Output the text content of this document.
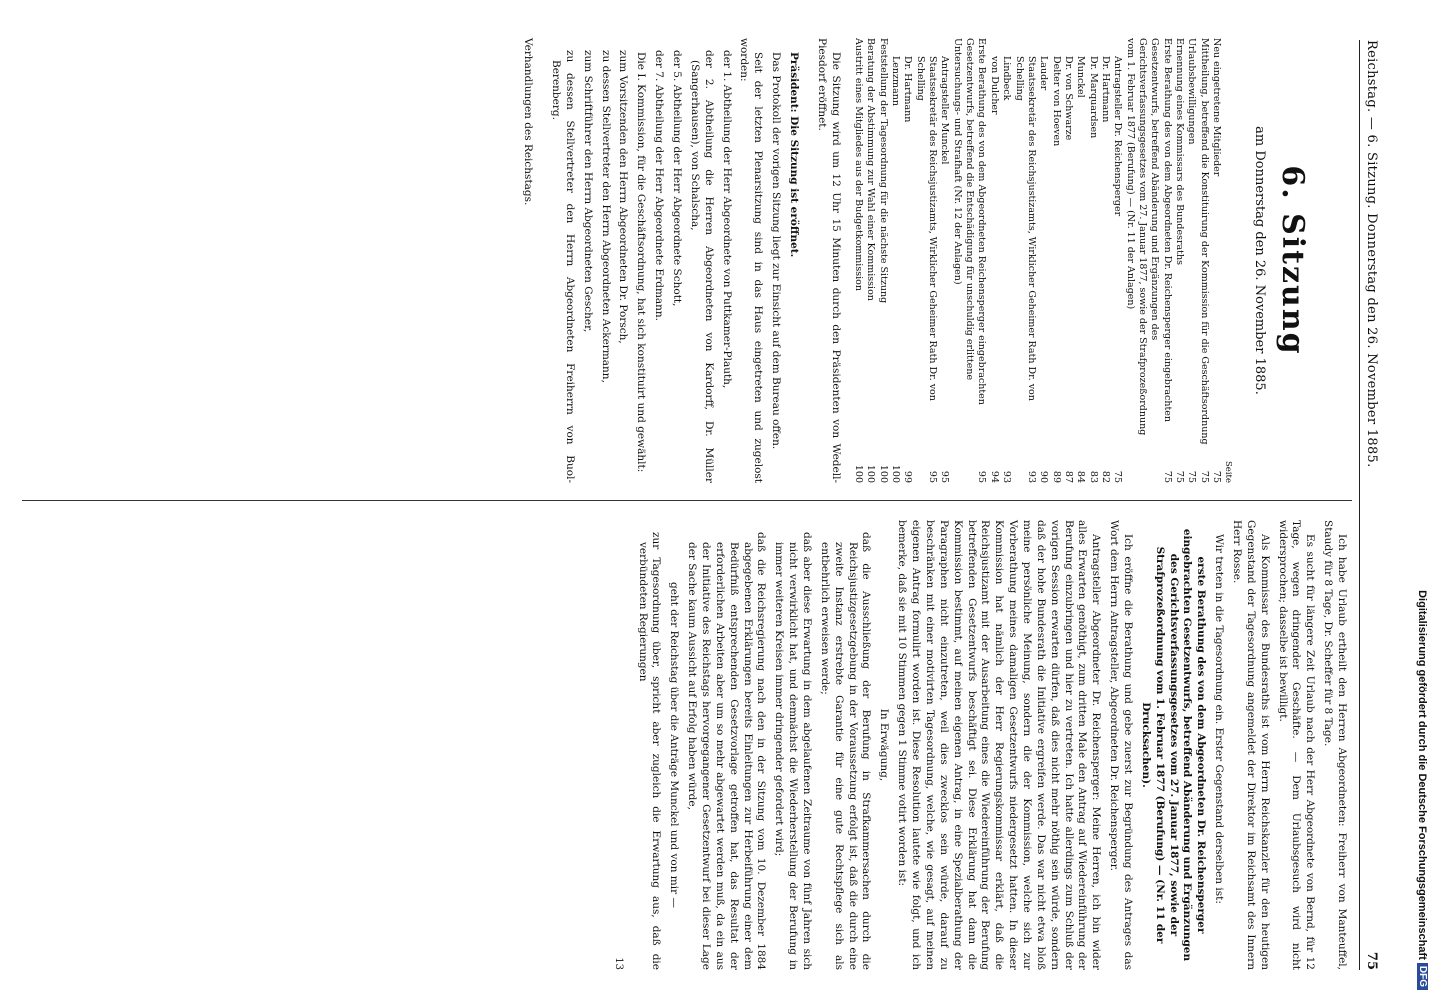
Reichstag. — 6. Sitzung. Donnerstag den 26. November 1885.
75
6. Sitzung
am Donnerstag den 26. November 1885.
Seite
Neu eingetretene Mitglieder
75
Mittheilung, betreffend die Konstituirung der Kommission für die Geschäftsordnung
75
Urlaubsbewilligungen
75
Ernennung eines Kommissars des Bundesraths
75
Erste Berathung des von dem Abgeordneten Dr. Reichensperger eingebrachten Gesetzentwurfs, betreffend Abänderung und Ergänzungen des Gerichtsverfassungsgesetzes vom 27. Januar 1877, sowie der Strafprozeßordnung vom 1. Februar 1877 (Berufung) — (Nr. 11 der Anlagen)
75
Antragsteller Dr. Reichensperger
75
Dr. Hartmann
82
Dr. Marquardsen
83
Munckel
84
Dr. von Schwarze
87
Delter von Hoeven
89
Lauder
90
Staatssekretär des Reichsjustizamts, Wirklicher Geheimer Rath Dr. von Schelling
93
Lindbeck
93
von Dulcher
94
Erste Berathung des von dem Abgeordneten Reichensperger eingebrachten Gesetzentwurfs, betreffend die Entschädigung für unschuldig erlittene Untersuchungs- und Strafhaft (Nr. 12 der Anlagen)
95
Antragsteller Munckel
95
Staatssekretär des Reichsjustizamts, Wirklicher Geheimer Rath Dr. von Schelling
95
Dr. Hartmann
99
Lenzmann
100
Feststellung der Tagesordnung für die nächste Sitzung
100
Beratung der Abstimmung zur Wahl einer Kommission
100
Austritt eines Mitgliedes aus der Budgetkommission
100

Die Sitzung wird um 12 Uhr 15 Minuten durch den Präsidenten von Wedell-Piesdorf eröffnet.

Präsident: Die Sitzung ist eröffnet.

Das Protokoll der vorigen Sitzung liegt zur Einsicht auf dem Bureau offen.

Seit der letzten Plenarsitzung sind in das Haus eingetreten und zugelost worden:

der 1. Abtheilung der Herr Abgeordnete von Puttkamer-Plauth,

der 2. Abtheilung die Herren Abgeordneten von Kardorff, Dr. Müller (Sangerhausen), von Schalscha,

der 5. Abtheilung der Herr Abgeordnete Schott,

der 7. Abtheilung der Herr Abgeordnete Erdmann.

Die I. Kommission, für die Geschäftsordnung, hat sich konstituirt und gewählt:

zum Vorsitzenden den Herrn Abgeordneten Dr. Porsch,

zu dessen Stellvertreter den Herrn Abgeordneten Ackermann,

zum Schriftführer den Herrn Abgeordneten Gescher,

zu dessen Stellvertreter den Herrn Abgeordneten Freiherrn von Buol-Berenberg.

Verhandlungen des Reichstags.

Ich habe Urlaub ertheilt den Herren Abgeordneten: Freiherr von Manteuffel, Staudy für 8 Tage, Dr. Scheffer für 8 Tage.

Es sucht für längere Zeit Urlaub nach der Herr Abgeordnete von Bernd, für 12 Tage, wegen dringender Geschäfte. — Dem Urlaubsgesuch wird nicht widersprochen; dasselbe ist bewilligt.

Als Kommissar des Bundesraths ist vom Herrn Reichskanzler für den heutigen Gegenstand der Tagesordnung angemeldet der Direktor im Reichsamt des Innern Herr Rosse.

Wir treten in die Tagesordnung ein. Erster Gegenstand derselben ist:

erste Berathung des von dem Abgeordneten Dr. Reichensperger eingebrachten Gesetzentwurfs, betreffend Abänderung und Ergänzungen des Gerichtsverfassungsgesetzes vom 27. Januar 1877, sowie der Strafprozeßordnung vom 1. Februar 1877 (Berufung) — (Nr. 11 der Drucksachen).

Ich eröffne die Berathung und gebe zuerst zur Begründung des Antrages das Wort dem Herrn Antragsteller, Abgeordneten Dr. Reichensperger.

Antragsteller Abgeordneter Dr. Reichensperger: Meine Herren, ich bin wider alles Erwarten genöthigt, zum dritten Male den Antrag auf Wiedereinführung der Berufung einzubringen und hier zu vertreten. Ich hatte allerdings zum Schluß der vorigen Session erwarten dürfen, daß dies nicht mehr nöthig sein würde, sondern daß der hohe Bundesrath die Initiative ergreifen werde. Das war nicht etwa bloß meine persönliche Meinung, sondern die der Kommission, welche sich zur Vorberathung meines damaligen Gesetzentwurfs niedergesetzt hatten. In dieser Kommission hat nämlich der Herr Regierungskommissar erklärt, daß die Reichsjustizamt mit der Ausarbeitung eines die Wiedereinführung der Berufung betreffenden Gesetzentwurfs beschäftigt sei. Diese Erklärung hat dann die Kommission bestimmt, auf meinen eigenen Antrag, in eine Spezialberathung der Paragraphen nicht einzutreten, weil dies zwecklos sein würde, darauf zu beschränken mit einer motivirten Tagesordnung, welche, wie gesagt, auf meinen eigenen Antrag formulirt worden ist. Diese Resolution lautete wie folgt, und ich bemerke, daß sie mit 10 Stimmen gegen 1 Stimme votirt worden ist:

In Erwägung,

daß die Ausschließung der Berufung in Strafkammersachen durch die Reichsjustizgesetzgebung in der Voraussetzung erfolgt ist, daß die durch eine zweite Instanz erstrebte Garantie für eine gute Rechtspflege sich als entbehrlich erweisen werde;

daß aber diese Erwartung in dem abgelaufenen Zeitraume von fünf Jahren sich nicht verwirklicht hat, und demnächst die Wiederherstellung der Berufung in immer weiteren Kreisen immer dringender gefordert wird;

daß die Reichsregierung nach den in der Sitzung vom 10. Dezember 1884 abgegebenen Erklärungen bereits Einleitungen zur Herbeiführung einer dem Bedürfniß entsprechenden Gesetzvorlage getroffen hat, das Resultat der erforderlichen Arbeiten aber um so mehr abgewartet werden muß, da ein aus der Initiative des Reichstags hervorgegangener Gesetzentwurf bei dieser Lage der Sache kaum Aussicht auf Erfolg haben würde,

geht der Reichstag über die Anträge Munckel und von mir —

zur Tagesordnung über, spricht aber zugleich die Erwartung aus, daß die verbündeten Regierungen

13
Digitalisierung gefördert durch die Deutsche Forschungsgemeinschaft
DFG
